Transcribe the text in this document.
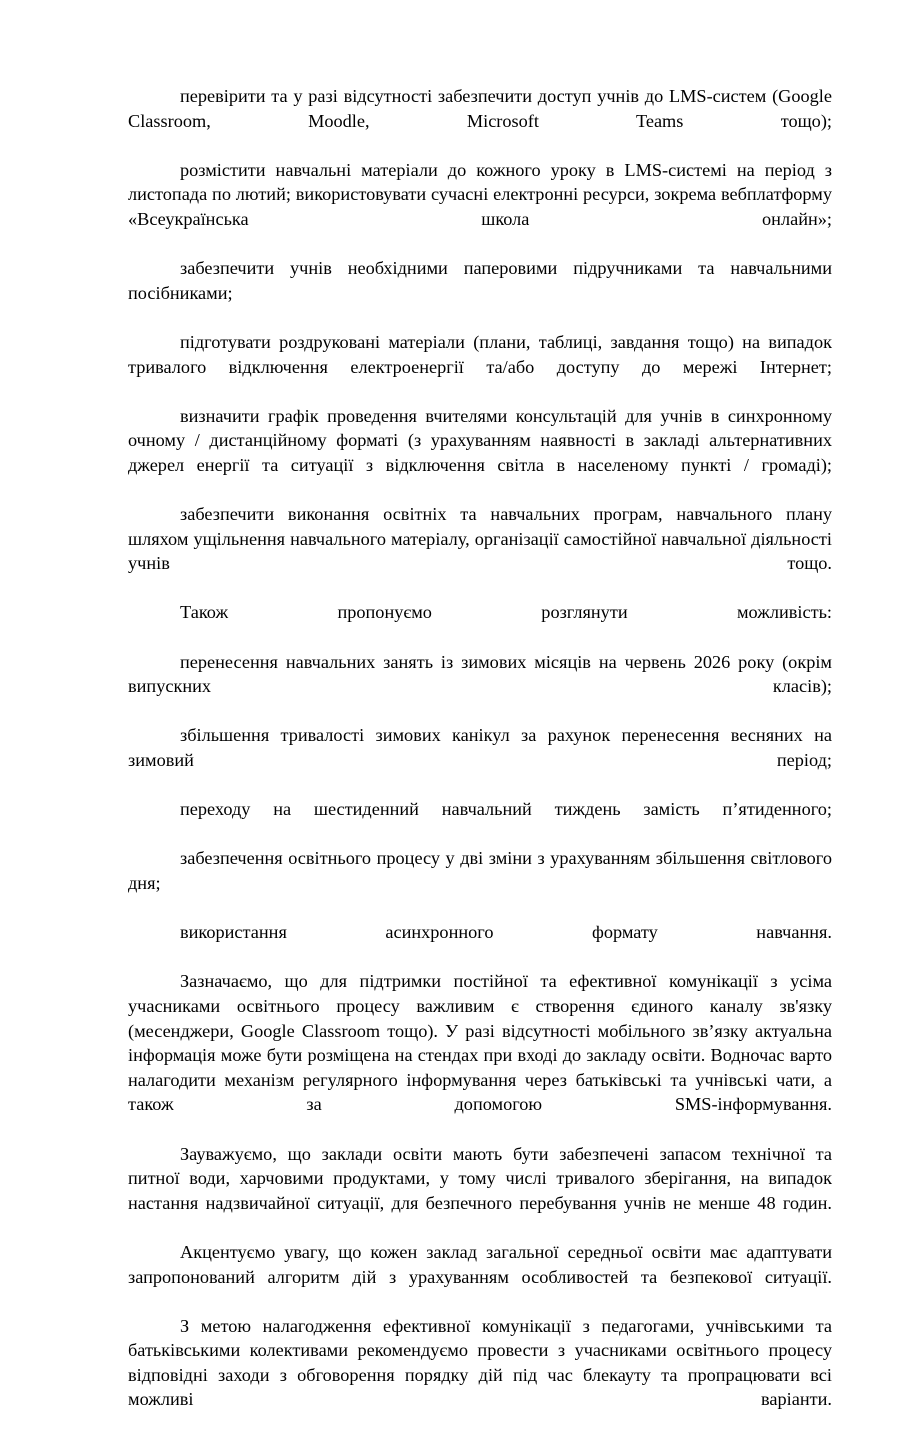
перевірити та у разі відсутності забезпечити доступ учнів до LMS-систем (Google Classroom, Moodle, Microsoft Teams тощо);

розмістити навчальні матеріали до кожного уроку в LMS-системі на період з листопада по лютий; використовувати сучасні електронні ресурси, зокрема вебплатформу «Всеукраїнська школа онлайн»;

забезпечити учнів необхідними паперовими підручниками та навчальними посібниками;

підготувати роздруковані матеріали (плани, таблиці, завдання тощо) на випадок тривалого відключення електроенергії та/або доступу до мережі Інтернет;

визначити графік проведення вчителями консультацій для учнів в синхронному очному / дистанційному форматі (з урахуванням наявності в закладі альтернативних джерел енергії та ситуації з відключення світла в населеному пункті / громаді);

забезпечити виконання освітніх та навчальних програм, навчального плану шляхом ущільнення навчального матеріалу, організації самостійної навчальної діяльності учнів тощо.

Також пропонуємо розглянути можливість:

перенесення навчальних занять із зимових місяців на червень 2026 року (окрім випускних класів);

збільшення тривалості зимових канікул за рахунок перенесення весняних на зимовий період;

переходу на шестиденний навчальний тиждень замість п’ятиденного;

забезпечення освітнього процесу у дві зміни з урахуванням збільшення світлового дня;

використання асинхронного формату навчання.

Зазначаємо, що для підтримки постійної та ефективної комунікації з усіма учасниками освітнього процесу важливим є створення єдиного каналу зв'язку (месенджери, Google Classroom тощо). У разі відсутності мобільного зв’язку актуальна інформація може бути розміщена на стендах при вході до закладу освіти. Водночас варто налагодити механізм регулярного інформування через батьківські та учнівські чати, а також за допомогою SMS-інформування.

Зауважуємо, що заклади освіти мають бути забезпечені запасом технічної та питної води, харчовими продуктами, у тому числі тривалого зберігання, на випадок настання надзвичайної ситуації, для безпечного перебування учнів не менше 48 годин.

Акцентуємо увагу, що кожен заклад загальної середньої освіти має адаптувати запропонований алгоритм дій з урахуванням особливостей та безпекової ситуації.

З метою налагодження ефективної комунікації з педагогами, учнівськими та батьківськими колективами рекомендуємо провести з учасниками освітнього процесу відповідні заходи з обговорення порядку дій під час блекауту та пропрацювати всі можливі варіанти.
